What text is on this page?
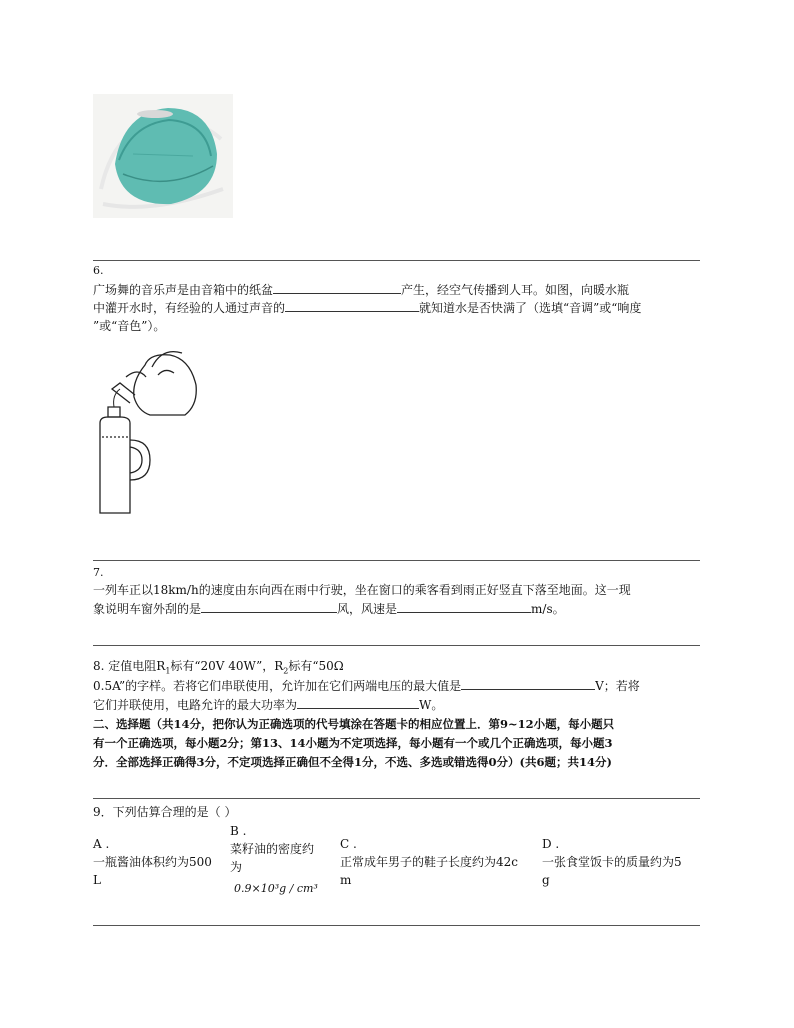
6.
广场舞的音乐声是由音箱中的纸盆	产生，经空气传播到人耳。如图，向暖水瓶
中灌开水时，有经验的人通过声音的	就知道水是否快满了（选填“音调”或“响度
”或“音色”）。
7.
一列车正以18km/h的速度由东向西在雨中行驶，坐在窗口的乘客看到雨正好竖直下落至地面。这一现
象说明车窗外刮的是	风，风速是	m/s。
8. 定值电阻$R_1$标有“20V 40W”，$R_2$标有“50Ω
0.5A”的字样。若将它们串联使用，允许加在它们两端电压的最大值是	V；若将
它们并联使用，电路允许的最大功率为	W。
二、选择题（共14分，把你认为正确选项的代号填涂在答题卡的相应位置上．第9~12小题，每小题只
有一个正确选项，每小题2分；第13、14小题为不定项选择，每小题有一个或几个正确选项，每小题3
分．全部选择正确得3分，不定项选择正确但不全得1分，不选、多选或错选得0分）(共6题；共14分)
9．下列估算合理的是（ ）
A .
一瓶酱油体积约为500
L
B .
菜籽油的密度约
为
0.9×10³g / cm³
C .
正常成年男子的鞋子长度约为42c
m
D .
一张食堂饭卡的质量约为5
g
